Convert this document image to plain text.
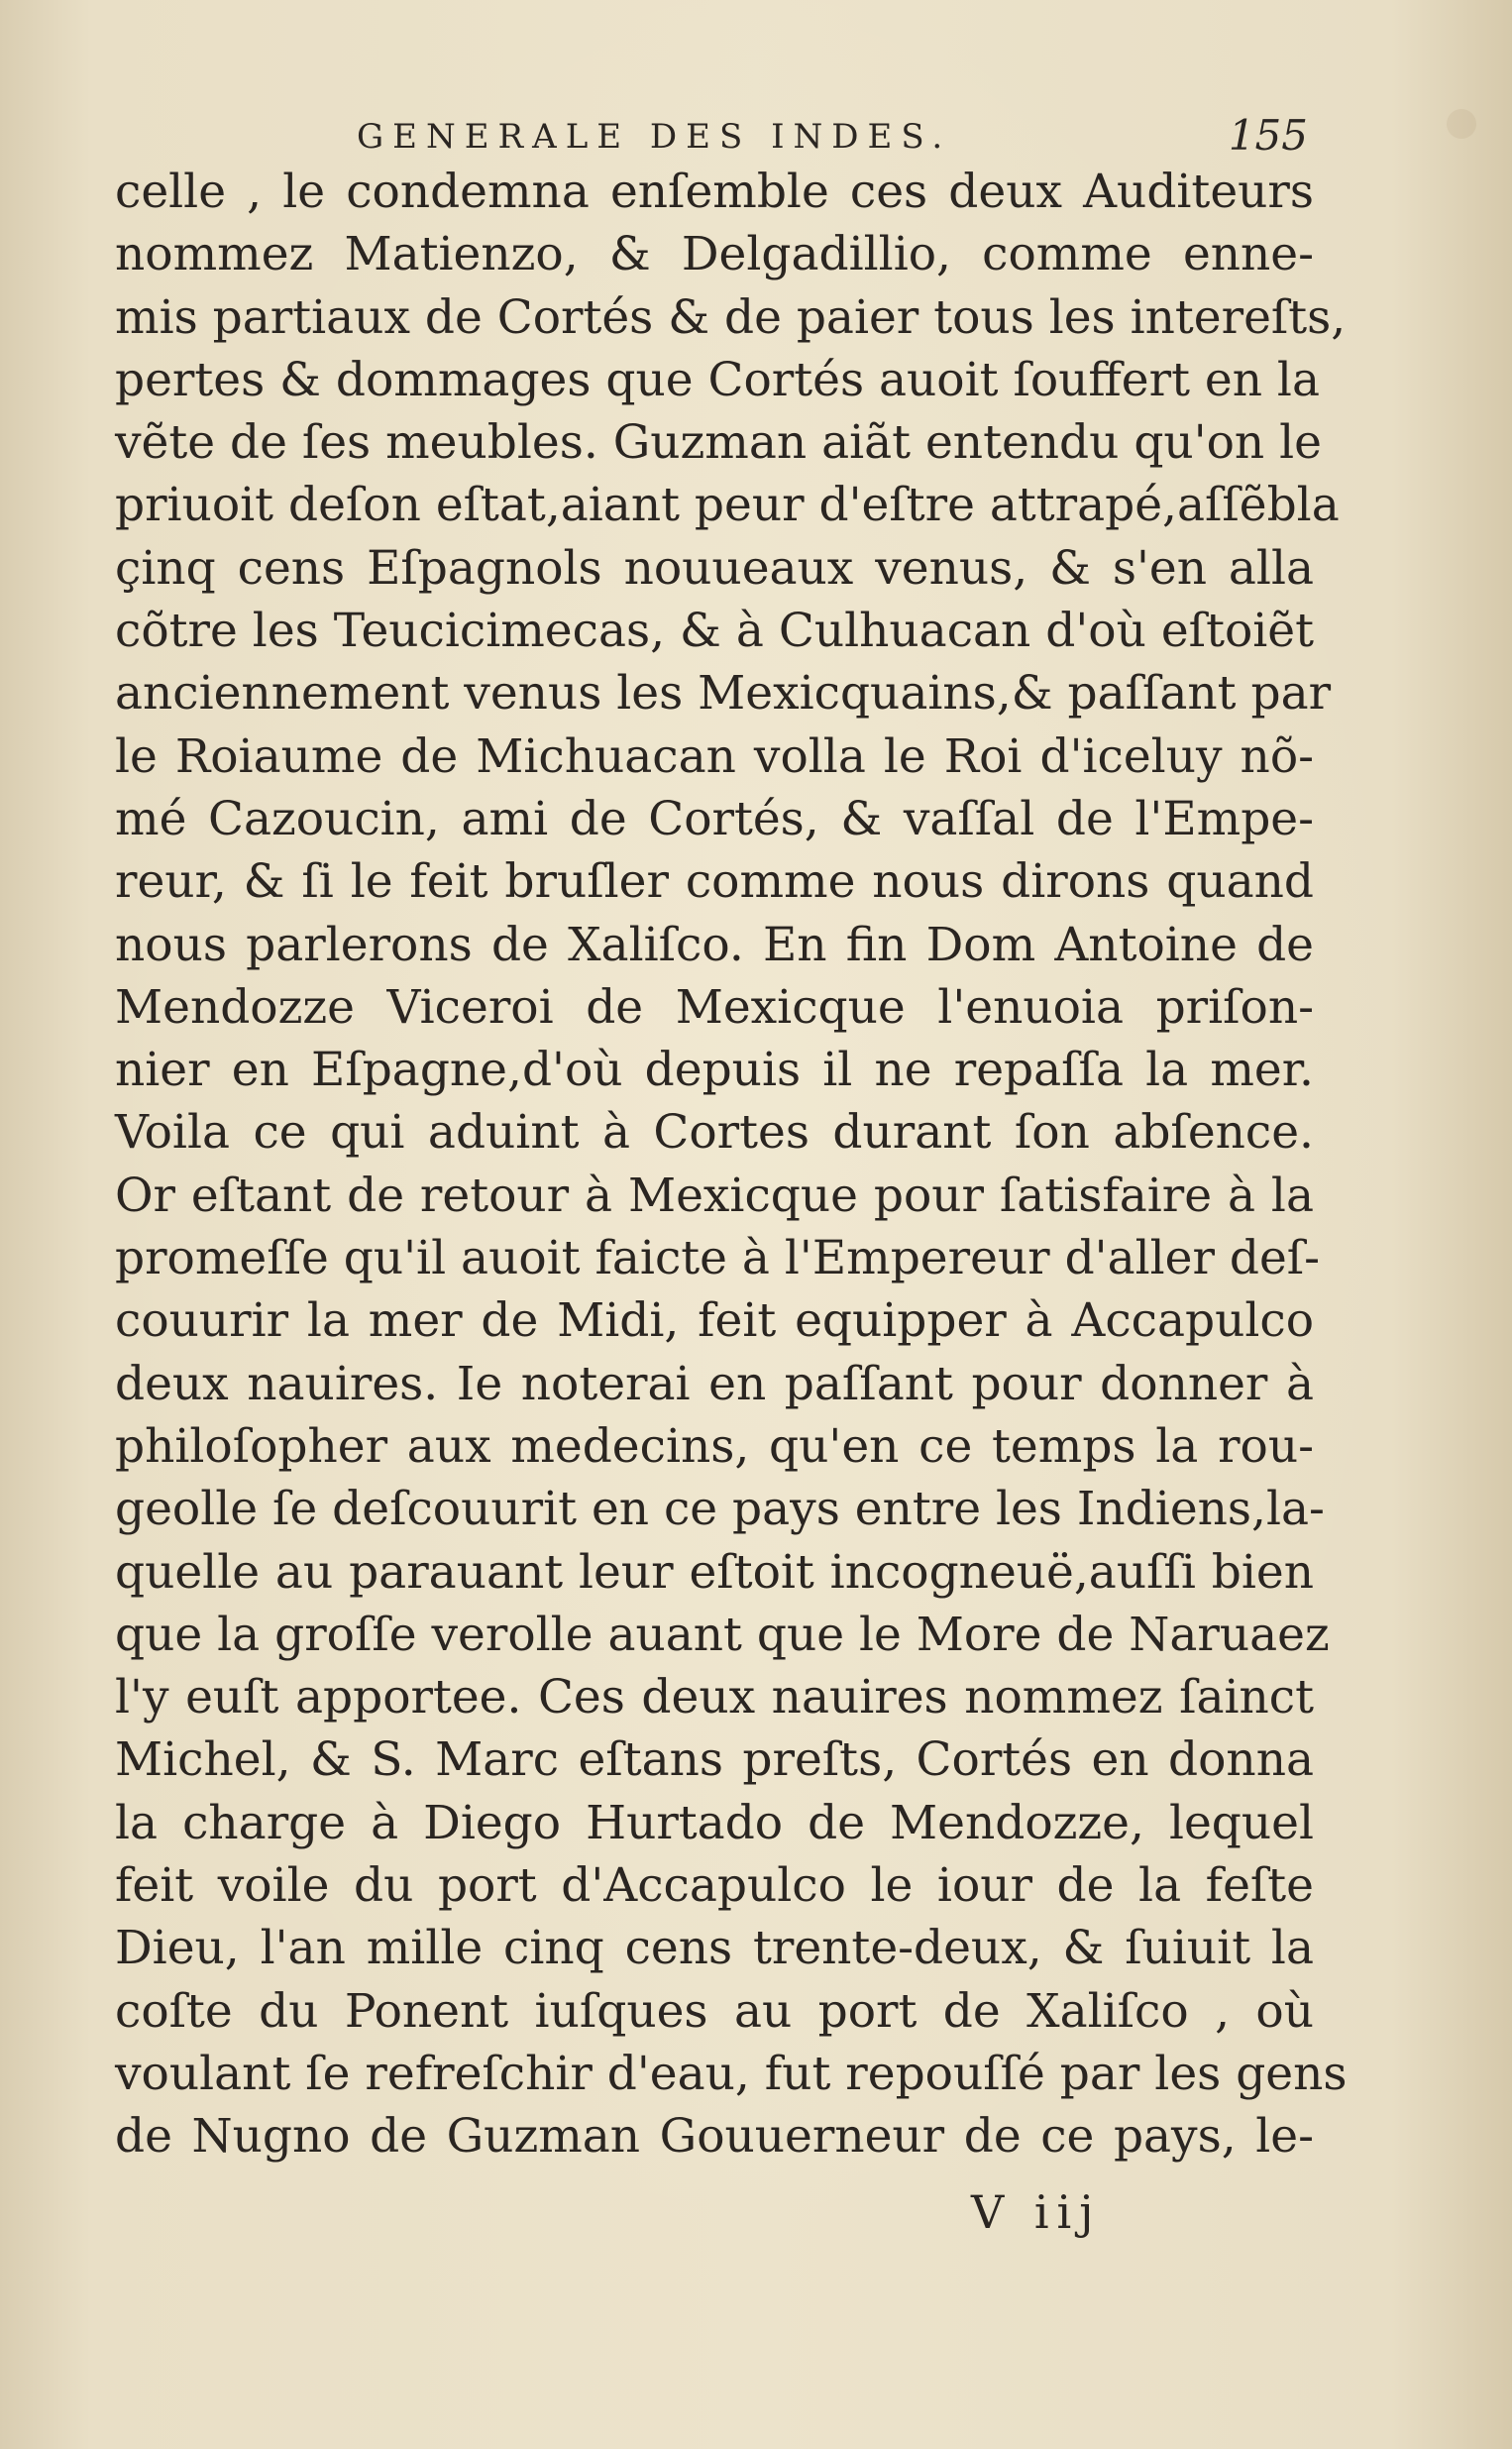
GENERALE DES INDES.	155
celle , le condemna enſemble ces deux Auditeurs
nommez Matienzo, & Delgadillio, comme enne-
mis partiaux de Cortés & de paier tous les intereſts,
pertes & dommages que Cortés auoit ſouffert en la
vẽte de ſes meubles. Guzman aiãt entendu qu'on le
priuoit deſon eſtat,aiant peur d'eſtre attrapé,aſſẽbla
çinq cens Eſpagnols nouueaux venus, & s'en alla
cõtre les Teucicimecas, & à Culhuacan d'où eſtoiẽt
anciennement venus les Mexicquains,& paſſant par
le Roiaume de Michuacan volla le Roi d'iceluy nõ-
mé Cazoucin, ami de Cortés, & vaſſal de l'Empe-
reur, & ſi le feit bruſler comme nous dirons quand
nous parlerons de Xaliſco. En fin Dom Antoine de
Mendozze Viceroi de Mexicque l'enuoia priſon-
nier en Eſpagne,d'où depuis il ne repaſſa la mer.
Voila ce qui aduint à Cortes durant ſon abſence.
Or eſtant de retour à Mexicque pour ſatisfaire à la
promeſſe qu'il auoit faicte à l'Empereur d'aller deſ-
couurir la mer de Midi, feit equipper à Accapulco
deux nauires. Ie noterai en paſſant pour donner à
philoſopher aux medecins, qu'en ce temps la rou-
geolle ſe deſcouurit en ce pays entre les Indiens,la-
quelle au parauant leur eſtoit incogneuë,auſſi bien
que la groſſe verolle auant que le More de Naruaez
l'y euſt apportee. Ces deux nauires nommez ſainct
Michel, & S. Marc eſtans preſts, Cortés en donna
la charge à Diego Hurtado de Mendozze, lequel
feit voile du port d'Accapulco le iour de la feſte
Dieu, l'an mille cinq cens trente-deux, & ſuiuit la
coſte du Ponent iuſques au port de Xaliſco , où
voulant ſe refreſchir d'eau, fut repouſſé par les gens
de Nugno de Guzman Gouuerneur de ce pays, le-
V iij
